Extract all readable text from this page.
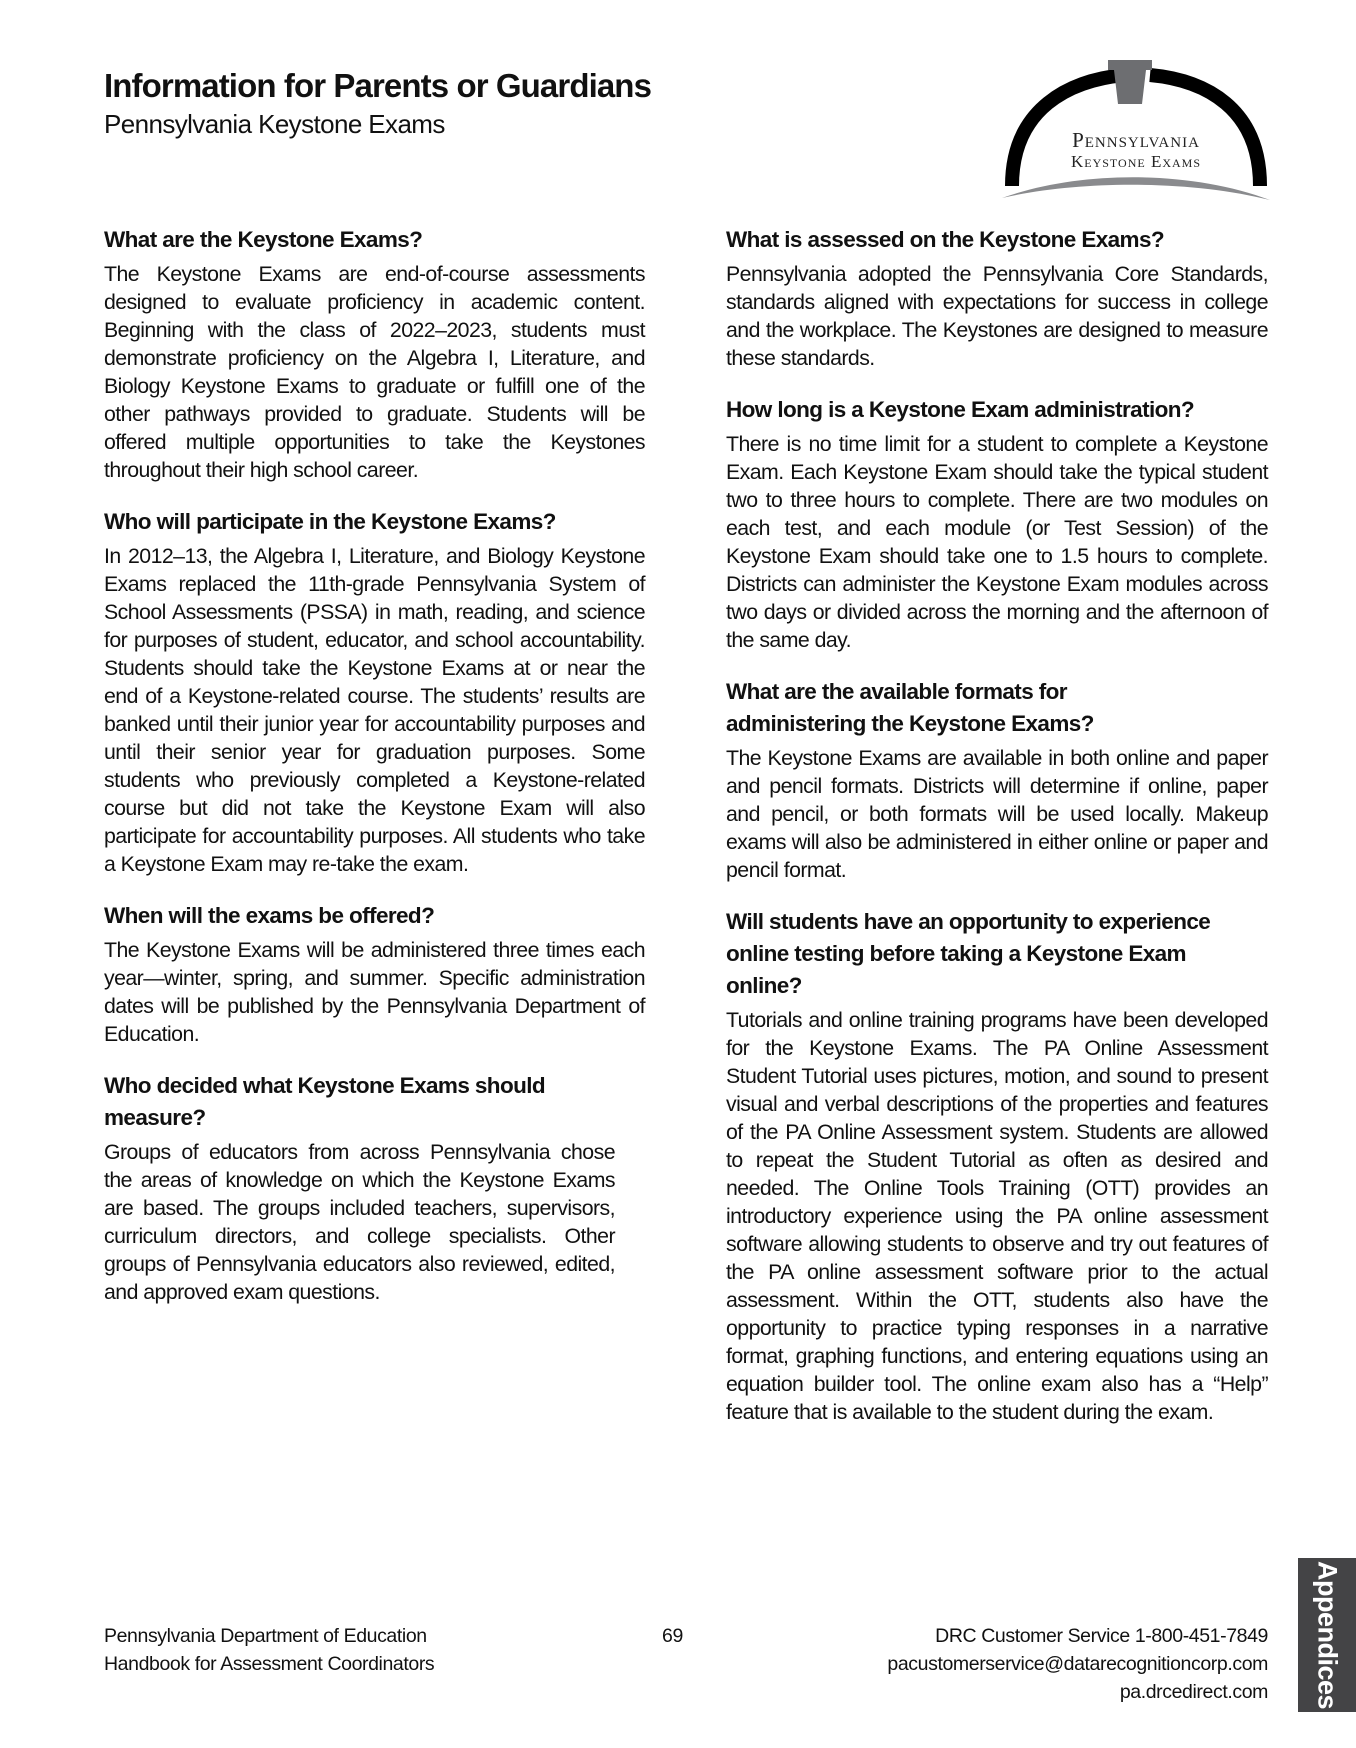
Information for Parents or Guardians
Pennsylvania Keystone Exams
Pennsylvania
Keystone Exams
What are the Keystone Exams?

The Keystone Exams are end-of-course assessments designed to evaluate proficiency in academic content. Beginning with the class of 2022–2023, students must demonstrate proficiency on the Algebra I, Literature, and Biology Keystone Exams to graduate or fulfill one of the other pathways provided to graduate. Students will be offered multiple opportunities to take the Keystones throughout their high school career.

Who will participate in the Keystone Exams?

In 2012–13, the Algebra I, Literature, and Biology Keystone Exams replaced the 11th-grade Pennsylvania System of School Assessments (PSSA) in math, reading, and science for purposes of student, educator, and school accountability. Students should take the Keystone Exams at or near the end of a Keystone-related course. The students’ results are banked until their junior year for accountability purposes and until their senior year for graduation purposes. Some students who previously completed a Keystone-related course but did not take the Keystone Exam will also participate for accountability purposes. All students who take a Keystone Exam may re-take the exam.

When will the exams be offered?

The Keystone Exams will be administered three times each year—winter, spring, and summer. Specific administration dates will be published by the Pennsylvania Department of Education.

Who decided what Keystone Exams should measure?

Groups of educators from across Pennsylvania chose the areas of knowledge on which the Keystone Exams are based. The groups included teachers, supervisors, curriculum directors, and college specialists. Other groups of Pennsylvania educators also reviewed, edited, and approved exam questions.

What is assessed on the Keystone Exams?

Pennsylvania adopted the Pennsylvania Core Standards, standards aligned with expectations for success in college and the workplace. The Keystones are designed to measure these standards.

How long is a Keystone Exam administration?

There is no time limit for a student to complete a Keystone Exam. Each Keystone Exam should take the typical student two to three hours to complete. There are two modules on each test, and each module (or Test Session) of the Keystone Exam should take one to 1.5 hours to complete. Districts can administer the Keystone Exam modules across two days or divided across the morning and the afternoon of the same day.

What are the available formats for administering the Keystone Exams?

The Keystone Exams are available in both online and paper and pencil formats. Districts will determine if online, paper and pencil, or both formats will be used locally. Makeup exams will also be administered in either online or paper and pencil format.

Will students have an opportunity to experience online testing before taking a Keystone Exam online?

Tutorials and online training programs have been developed for the Keystone Exams. The PA Online Assessment Student Tutorial uses pictures, motion, and sound to present visual and verbal descriptions of the properties and features of the PA Online Assessment system. Students are allowed to repeat the Student Tutorial as often as desired and needed. The Online Tools Training (OTT) provides an introductory experience using the PA online assessment software allowing students to observe and try out features of the PA online assessment software prior to the actual assessment. Within the OTT, students also have the opportunity to practice typing responses in a narrative format, graphing functions, and entering equations using an equation builder tool. The online exam also has a “Help” feature that is available to the student during the exam.

Pennsylvania Department of Education
Handbook for Assessment Coordinators
69	DRC Customer Service 1-800-451-7849
pacustomerservice@datarecognitioncorp.com
pa.drcedirect.com Appendices
